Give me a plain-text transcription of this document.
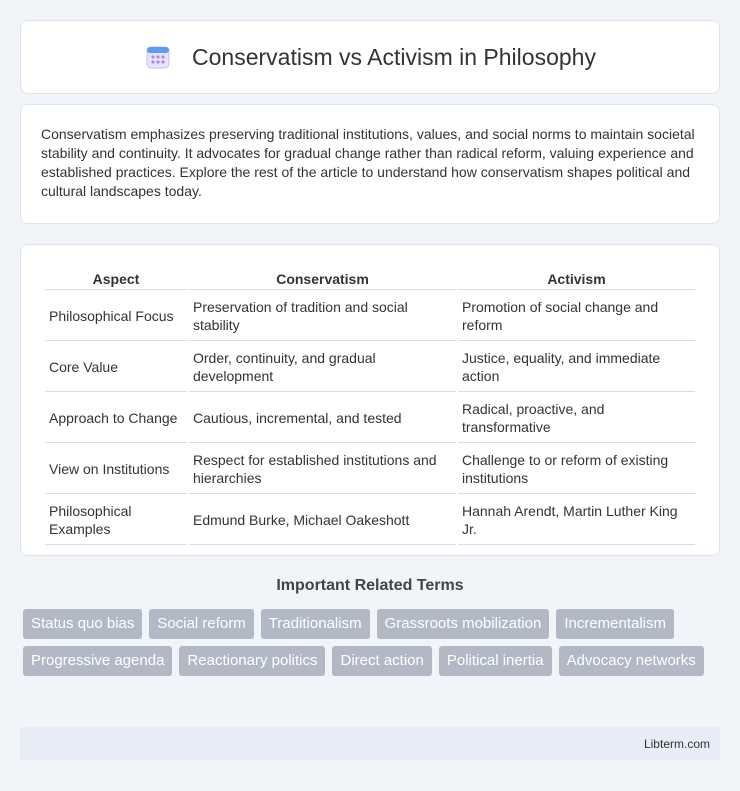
Conservatism vs Activism in Philosophy

Conservatism emphasizes preserving traditional institutions, values, and social norms to maintain societal stability and continuity. It advocates for gradual change rather than radical reform, valuing experience and established practices. Explore the rest of the article to understand how conservatism shapes political and cultural landscapes today.

Aspect	Conservatism	Activism
Philosophical Focus	Preservation of tradition and social stability	Promotion of social change and reform
Core Value	Order, continuity, and gradual development	Justice, equality, and immediate action
Approach to Change	Cautious, incremental, and tested	Radical, proactive, and transformative
View on Institutions	Respect for established institutions and hierarchies	Challenge to or reform of existing institutions
Philosophical Examples	Edmund Burke, Michael Oakeshott	Hannah Arendt, Martin Luther King Jr.
Important Related Terms
Status quo bias	Social reform	Traditionalism	Grassroots mobilization	Incrementalism
Progressive agenda	Reactionary politics	Direct action	Political inertia	Advocacy networks
Libterm.com
